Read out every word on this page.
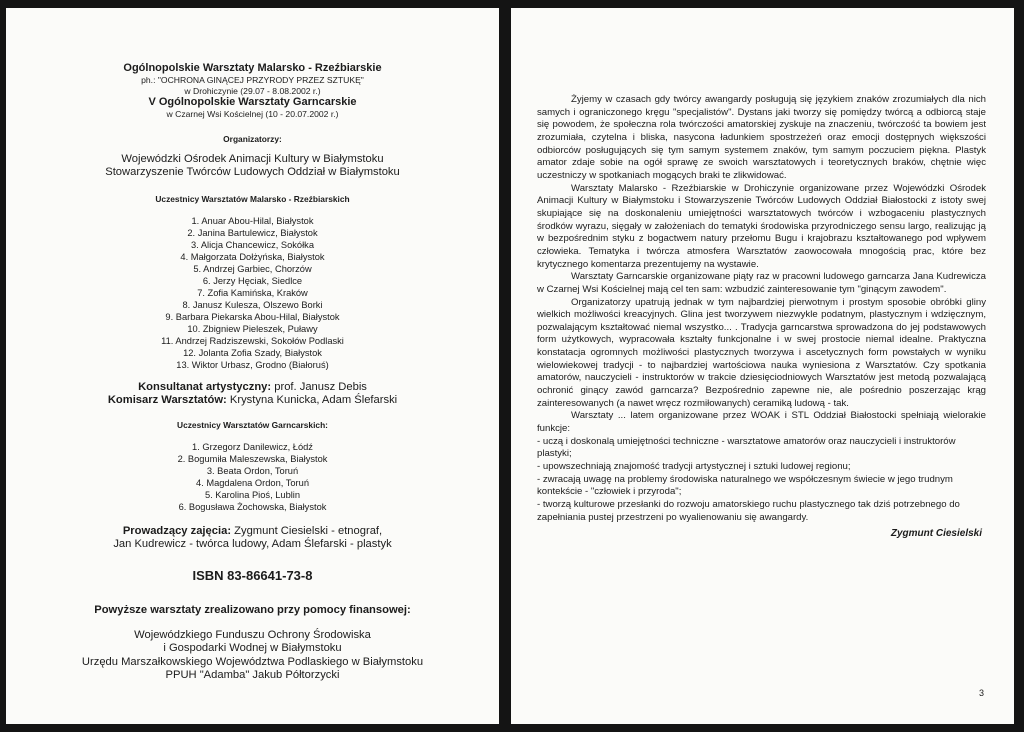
Ogólnopolskie Warsztaty Malarsko - Rzeźbiarskie
ph.: "OCHRONA GINĄCEJ PRZYRODY PRZEZ SZTUKĘ"
w Drohiczynie (29.07 - 8.08.2002 r.)
V Ogólnopolskie Warsztaty Garncarskie
w Czarnej Wsi Kościelnej (10 - 20.07.2002 r.)
Organizatorzy:
Wojewódzki Ośrodek Animacji Kultury w Białymstoku
Stowarzyszenie Twórców Ludowych Oddział w Białymstoku
Uczestnicy Warsztatów Malarsko - Rzeźbiarskich
1. Anuar Abou-Hilal, Białystok
2. Janina Bartulewicz, Białystok
3. Alicja Chancewicz, Sokółka
4. Małgorzata Dołżyńska, Białystok
5. Andrzej Garbiec, Chorzów
6. Jerzy Hęciak, Siedlce
7. Zofia Kamińska, Kraków
8. Janusz Kulesza, Olszewo Borki
9. Barbara Piekarska Abou-Hilal, Białystok
10. Zbigniew Pieleszek, Puławy
11. Andrzej Radziszewski, Sokołów Podlaski
12. Jolanta Zofia Szady, Białystok
13. Wiktor Urbasz, Grodno (Białoruś)
Konsultanat artystyczny: prof. Janusz Debis
Komisarz Warsztatów: Krystyna Kunicka, Adam Ślefarski
Uczestnicy Warsztatów Garncarskich:
1. Grzegorz Danilewicz, Łódź
2. Bogumiła Maleszewska, Białystok
3. Beata Ordon, Toruń
4. Magdalena Ordon, Toruń
5. Karolina Pioś, Lublin
6. Bogusława Żochowska, Białystok
Prowadzący zajęcia: Zygmunt Ciesielski - etnograf,
Jan Kudrewicz - twórca ludowy, Adam Ślefarski - plastyk
ISBN 83-86641-73-8
Powyższe warsztaty zrealizowano przy pomocy finansowej:
Wojewódzkiego Funduszu Ochrony Środowiska
i Gospodarki Wodnej w Białymstoku
Urzędu Marszałkowskiego Województwa Podlaskiego w Białymstoku
PPUH "Adamba" Jakub Półtorzycki

Żyjemy w czasach gdy twórcy awangardy posługują się językiem znaków zrozumiałych dla nich samych i ograniczonego kręgu "specjalistów". Dystans jaki tworzy się pomiędzy twórcą a odbiorcą staje się powodem, że społeczna rola twórczości amatorskiej zyskuje na znaczeniu, twórczość ta bowiem jest zrozumiała, czytelna i bliska, nasycona ładunkiem spostrzeżeń oraz emocji dostępnych większości odbiorców posługujących się tym samym systemem znaków, tym samym poczuciem piękna. Plastyk amator zdaje sobie na ogół sprawę ze swoich warsztatowych i teoretycznych braków, chętnie więc uczestniczy w spotkaniach mogących braki te zlikwidować.

Warsztaty Malarsko - Rzeźbiarskie w Drohiczynie organizowane przez Wojewódzki Ośrodek Animacji Kultury w Białymstoku i Stowarzyszenie Twórców Ludowych Oddział Białostocki z istoty swej skupiające się na doskonaleniu umiejętności warsztatowych twórców i wzbogaceniu plastycznych środków wyrazu, sięgały w założeniach do tematyki środowiska przyrodniczego sensu largo, realizując ją w bezpośrednim styku z bogactwem natury przełomu Bugu i krajobrazu kształtowanego pod wpływem człowieka. Tematyka i twórcza atmosfera Warsztatów zaowocowała mnogością prac, które bez krytycznego komentarza prezentujemy na wystawie.

Warsztaty Garncarskie organizowane piąty raz w pracowni ludowego garncarza Jana Kudrewicza w Czarnej Wsi Kościelnej mają cel ten sam: wzbudzić zainteresowanie tym "ginącym zawodem".

Organizatorzy upatrują jednak w tym najbardziej pierwotnym i prostym sposobie obróbki gliny wielkich możliwości kreacyjnych. Glina jest tworzywem niezwykle podatnym, plastycznym i wdzięcznym, pozwalającym kształtować niemal wszystko... . Tradycja garncarstwa sprowadzona do jej podstawowych form użytkowych, wypracowała kształty funkcjonalne i w swej prostocie niemal idealne. Praktyczna konstatacja ogromnych możliwości plastycznych tworzywa i ascetycznych form powstałych w wyniku wielowiekowej tradycji - to najbardziej wartościowa nauka wyniesiona z Warsztatów. Czy spotkania amatorów, nauczycieli - instruktorów w trakcie dziesięciodniowych Warsztatów jest metodą pozwalającą ochronić ginący zawód garncarza? Bezpośrednio zapewne nie, ale pośrednio poszerzając krąg zainteresowanych (a nawet wręcz rozmiłowanych) ceramiką ludową - tak.

Warsztaty ... latem organizowane przez WOAK i STL Oddział Białostocki spełniają wielorakie funkcje:

- uczą i doskonalą umiejętności techniczne - warsztatowe amatorów oraz nauczycieli i instruktorów plastyki;

- upowszechniają znajomość tradycji artystycznej i sztuki ludowej regionu;

- zwracają uwagę na problemy środowiska naturalnego we współczesnym świecie w jego trudnym kontekście - "człowiek i przyroda";

- tworzą kulturowe przesłanki do rozwoju amatorskiego ruchu plastycznego tak dziś potrzebnego do zapełniania pustej przestrzeni po wyalienowaniu się awangardy.

Zygmunt Ciesielski
3
